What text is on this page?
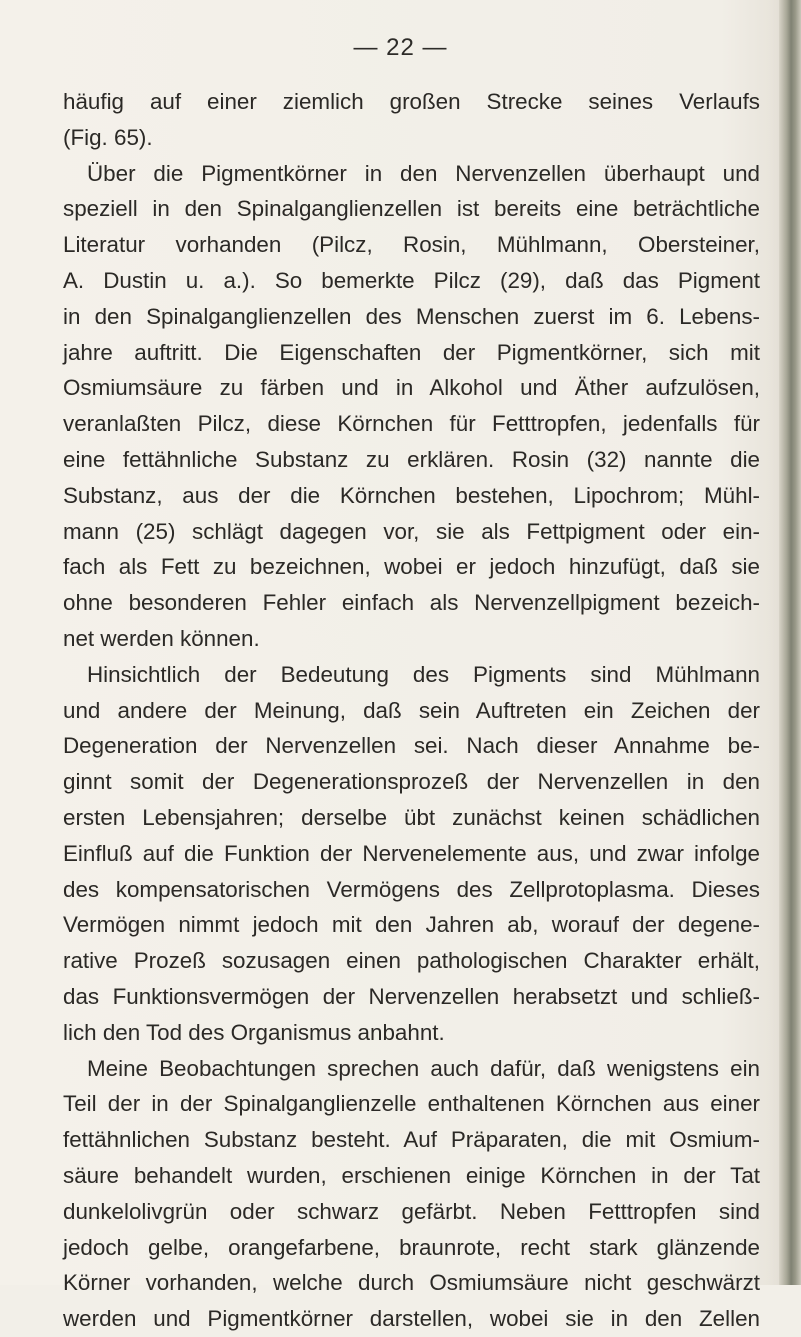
— 22 —
häufig auf einer ziemlich großen Strecke seines Verlaufs
(Fig. 65).
Über die Pigmentkörner in den Nervenzellen überhaupt und
speziell in den Spinalganglienzellen ist bereits eine beträchtliche
Literatur vorhanden (Pilcz, Rosin, Mühlmann, Obersteiner,
A. Dustin u. a.). So bemerkte Pilcz (29), daß das Pigment
in den Spinalganglienzellen des Menschen zuerst im 6. Lebens-
jahre auftritt. Die Eigenschaften der Pigmentkörner, sich mit
Osmiumsäure zu färben und in Alkohol und Äther aufzulösen,
veranlaßten Pilcz, diese Körnchen für Fetttropfen, jedenfalls für
eine fettähnliche Substanz zu erklären. Rosin (32) nannte die
Substanz, aus der die Körnchen bestehen, Lipochrom; Mühl-
mann (25) schlägt dagegen vor, sie als Fettpigment oder ein-
fach als Fett zu bezeichnen, wobei er jedoch hinzufügt, daß sie
ohne besonderen Fehler einfach als Nervenzellpigment bezeich-
net werden können.
Hinsichtlich der Bedeutung des Pigments sind Mühlmann
und andere der Meinung, daß sein Auftreten ein Zeichen der
Degeneration der Nervenzellen sei. Nach dieser Annahme be-
ginnt somit der Degenerationsprozeß der Nervenzellen in den
ersten Lebensjahren; derselbe übt zunächst keinen schädlichen
Einfluß auf die Funktion der Nervenelemente aus, und zwar infolge
des kompensatorischen Vermögens des Zellprotoplasma. Dieses
Vermögen nimmt jedoch mit den Jahren ab, worauf der degene-
rative Prozeß sozusagen einen pathologischen Charakter erhält,
das Funktionsvermögen der Nervenzellen herabsetzt und schließ-
lich den Tod des Organismus anbahnt.
Meine Beobachtungen sprechen auch dafür, daß wenigstens ein
Teil der in der Spinalganglienzelle enthaltenen Körnchen aus einer
fettähnlichen Substanz besteht. Auf Präparaten, die mit Osmium-
säure behandelt wurden, erschienen einige Körnchen in der Tat
dunkelolivgrün oder schwarz gefärbt. Neben Fetttropfen sind
jedoch gelbe, orangefarbene, braunrote, recht stark glänzende
Körner vorhanden, welche durch Osmiumsäure nicht geschwärzt
werden und Pigmentkörner darstellen, wobei sie in den Zellen
